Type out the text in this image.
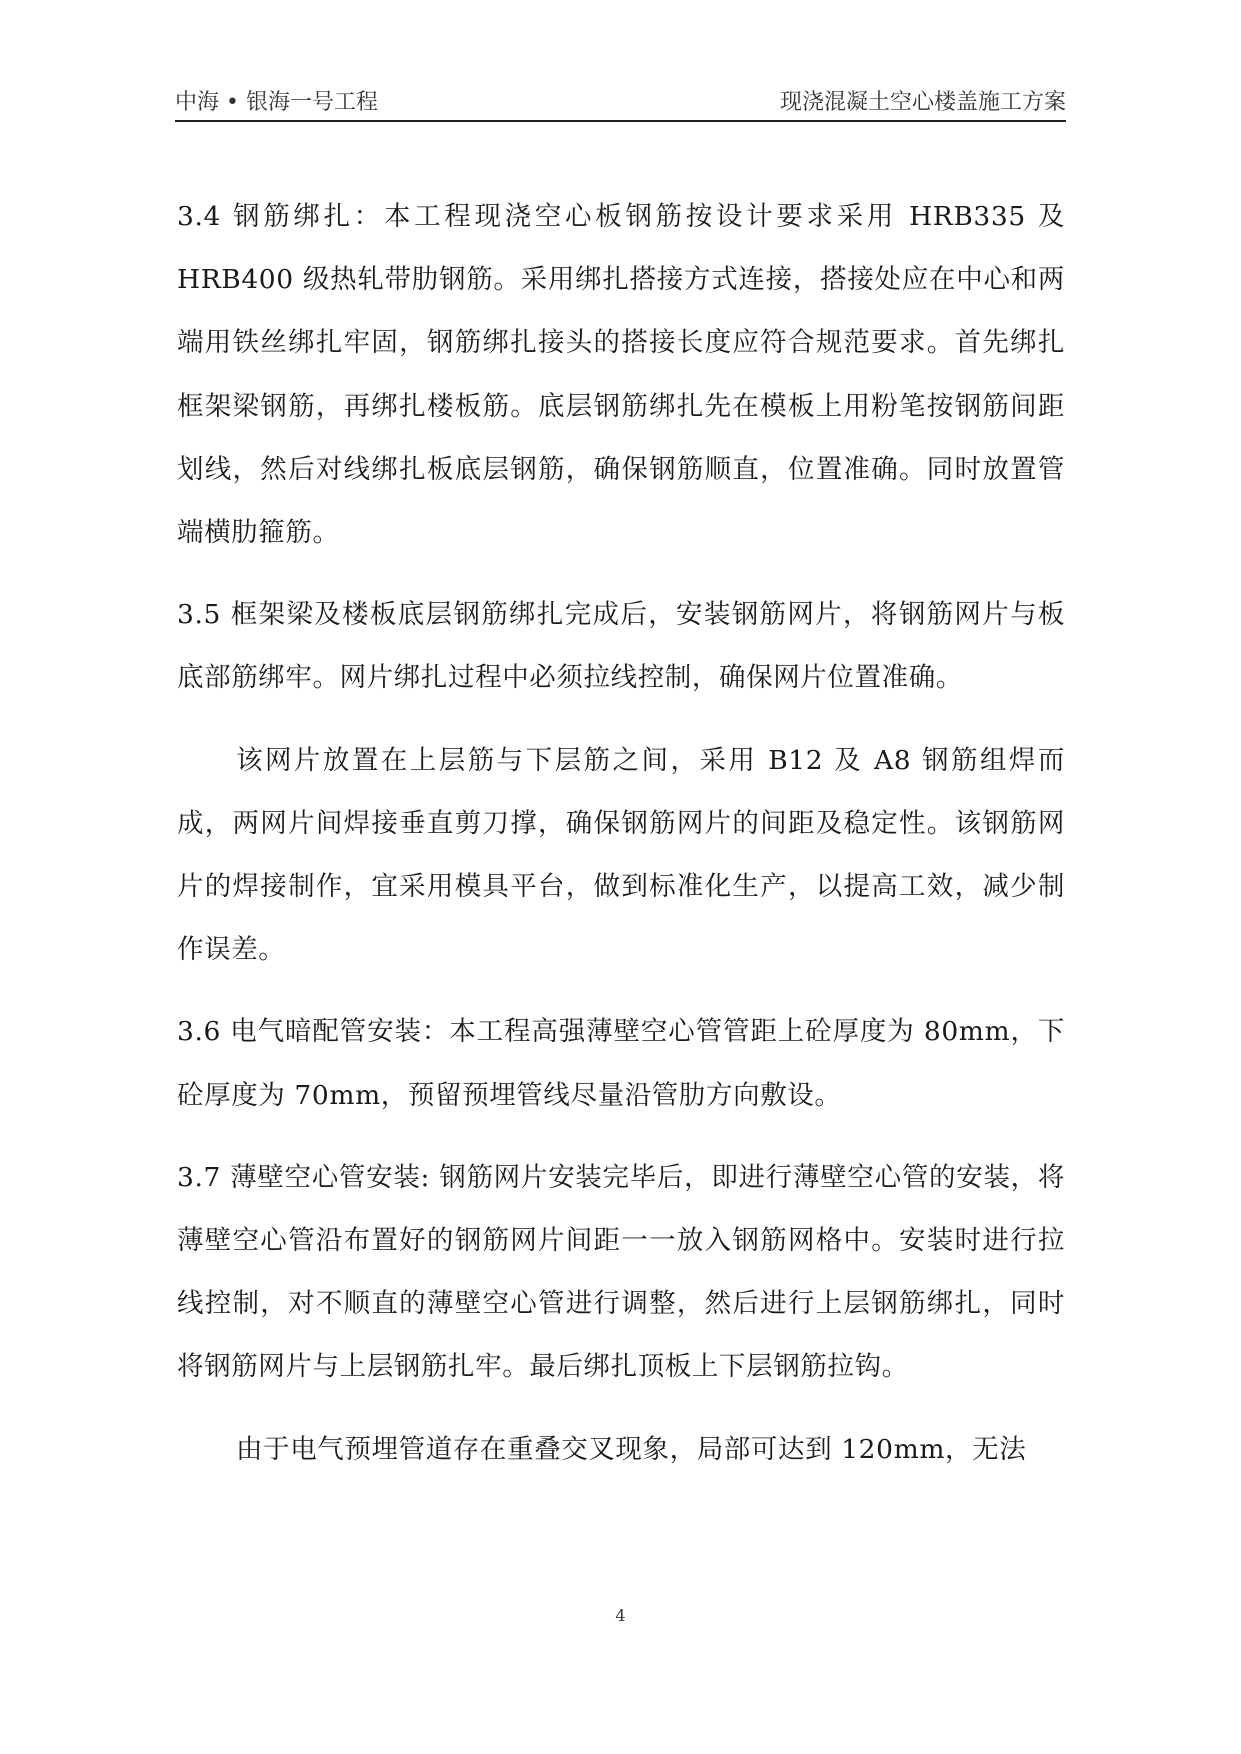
中海 • 银海一号工程	现浇混凝土空心楼盖施工方案

3.4 钢筋绑扎：本工程现浇空心板钢筋按设计要求采用 HRB335 及 HRB400 级热轧带肋钢筋。采用绑扎搭接方式连接，搭接处应在中心和两端用铁丝绑扎牢固，钢筋绑扎接头的搭接长度应符合规范要求。首先绑扎框架梁钢筋，再绑扎楼板筋。底层钢筋绑扎先在模板上用粉笔按钢筋间距划线，然后对线绑扎板底层钢筋，确保钢筋顺直，位置准确。同时放置管端横肋箍筋。

3.5 框架梁及楼板底层钢筋绑扎完成后，安装钢筋网片，将钢筋网片与板底部筋绑牢。网片绑扎过程中必须拉线控制，确保网片位置准确。

该网片放置在上层筋与下层筋之间，采用 B12 及 A8 钢筋组焊而成，两网片间焊接垂直剪刀撑，确保钢筋网片的间距及稳定性。该钢筋网片的焊接制作，宜采用模具平台，做到标准化生产，以提高工效，减少制作误差。

3.6 电气暗配管安装：本工程高强薄壁空心管管距上砼厚度为 80mm，下砼厚度为 70mm，预留预埋管线尽量沿管肋方向敷设。

3.7 薄壁空心管安装: 钢筋网片安装完毕后，即进行薄壁空心管的安装，将薄壁空心管沿布置好的钢筋网片间距一一放入钢筋网格中。安装时进行拉线控制，对不顺直的薄壁空心管进行调整，然后进行上层钢筋绑扎，同时将钢筋网片与上层钢筋扎牢。最后绑扎顶板上下层钢筋拉钩。

由于电气预埋管道存在重叠交叉现象，局部可达到 120mm，无法

4
